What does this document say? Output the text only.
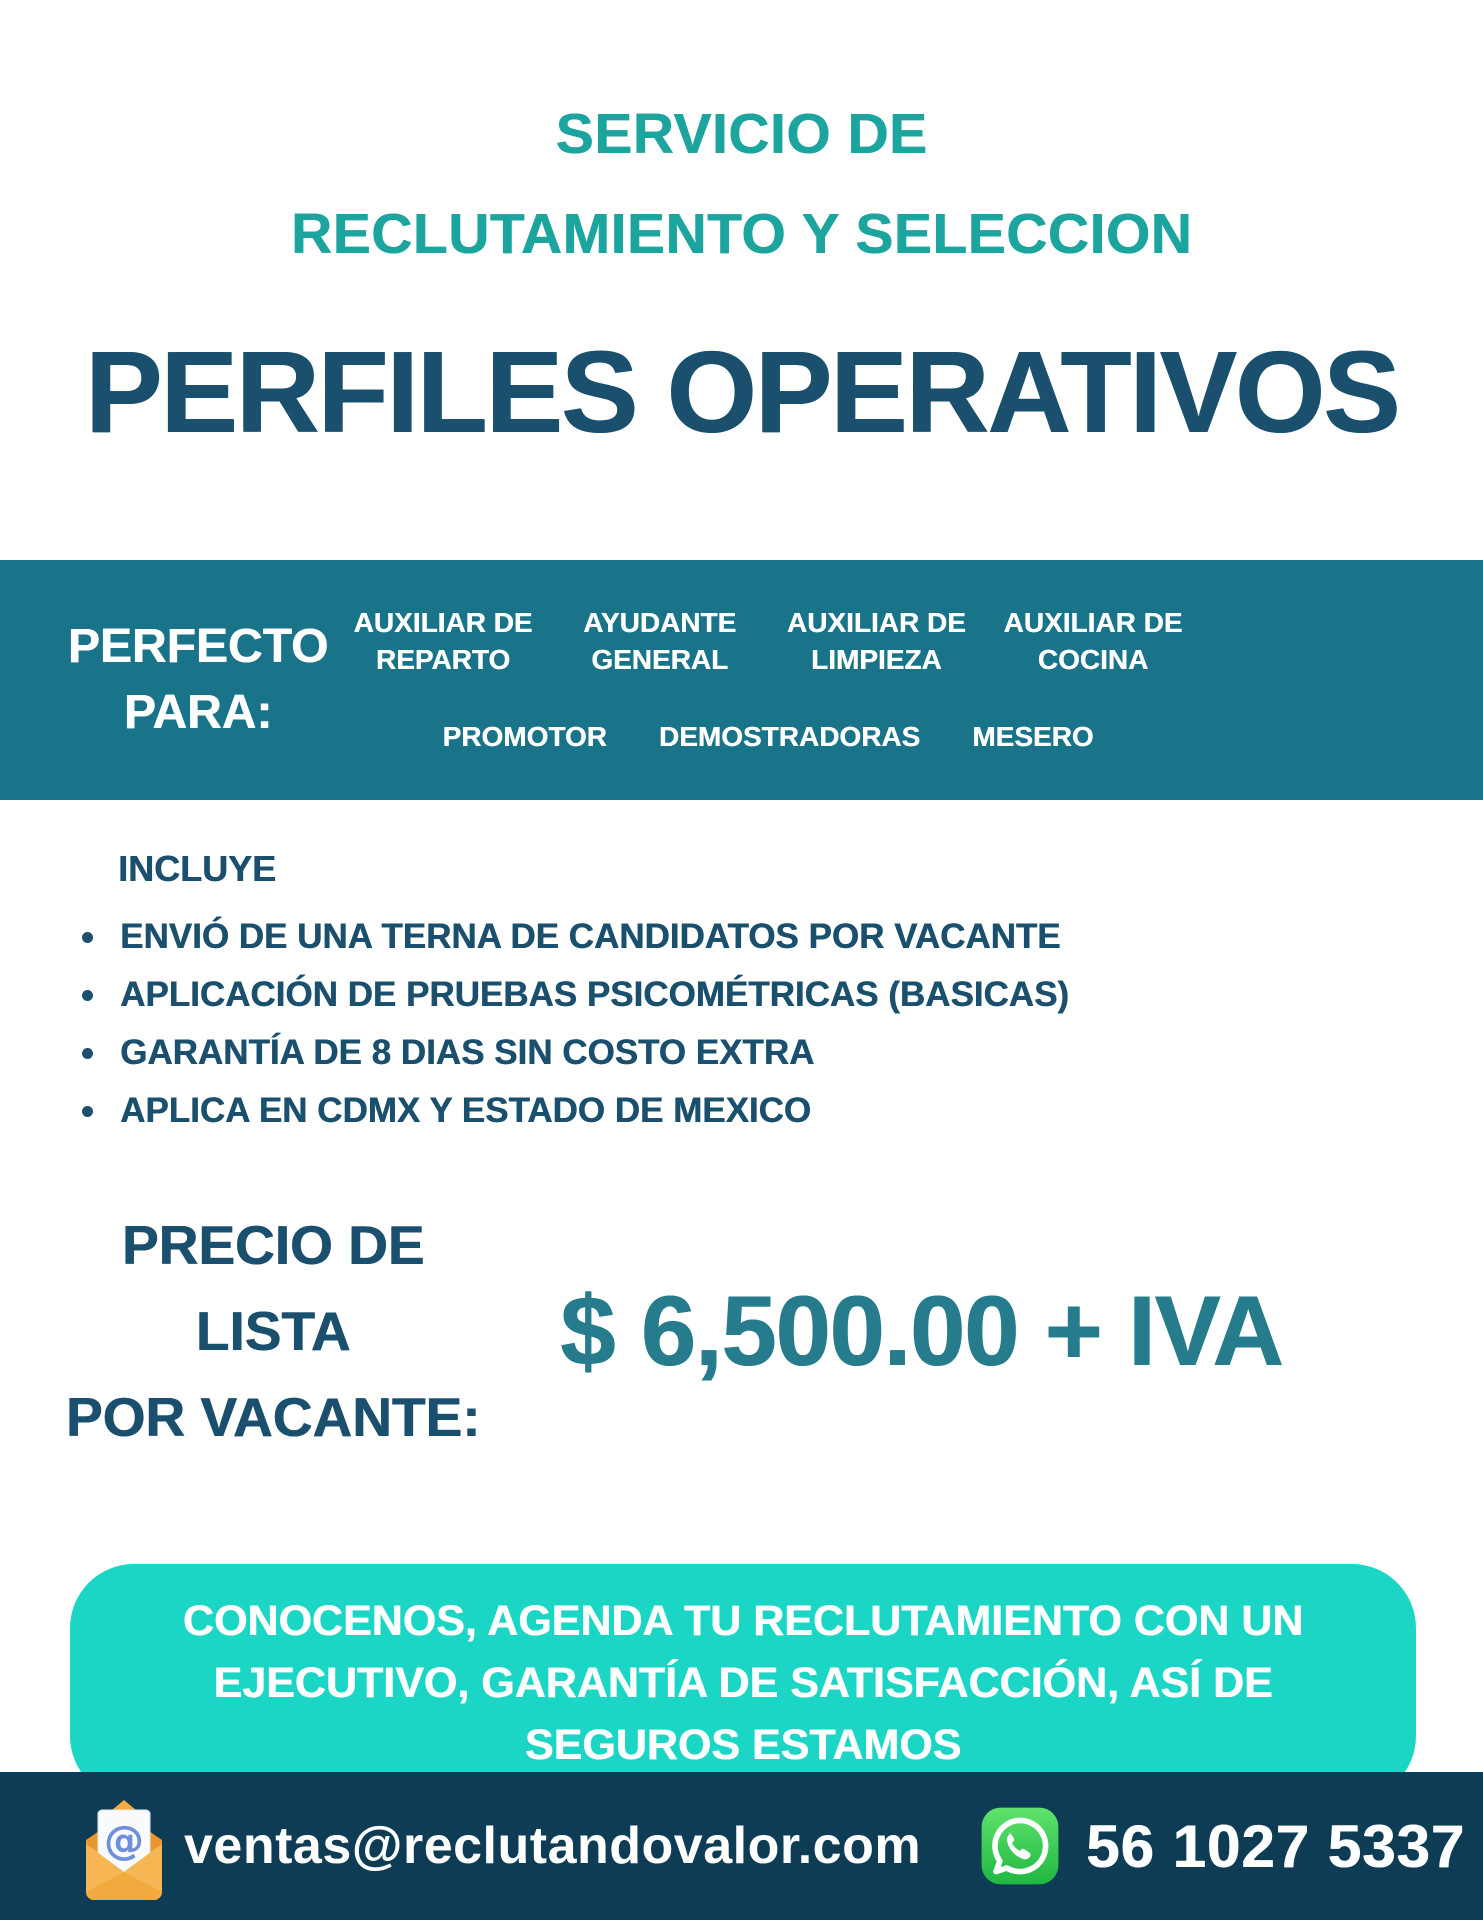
SERVICIO DE
RECLUTAMIENTO Y SELECCION
PERFILES OPERATIVOS
PERFECTO
PARA:
AUXILIAR DE REPARTO
AYUDANTE GENERAL
AUXILIAR DE LIMPIEZA
AUXILIAR DE COCINA
PROMOTOR DEMOSTRADORAS MESERO
INCLUYE
ENVIÓ DE UNA TERNA DE CANDIDATOS POR VACANTE
APLICACIÓN DE PRUEBAS PSICOMÉTRICAS (BASICAS)
GARANTÍA DE 8 DIAS SIN COSTO EXTRA
APLICA EN CDMX Y ESTADO DE MEXICO
PRECIO DE LISTA
POR VACANTE:
$ 6,500.00 + IVA
CONOCENOS, AGENDA TU RECLUTAMIENTO CON UN
EJECUTIVO, GARANTÍA DE SATISFACCIÓN, ASÍ DE
SEGUROS ESTAMOS
@ ventas@reclutandovalor.com	56 1027 5337
